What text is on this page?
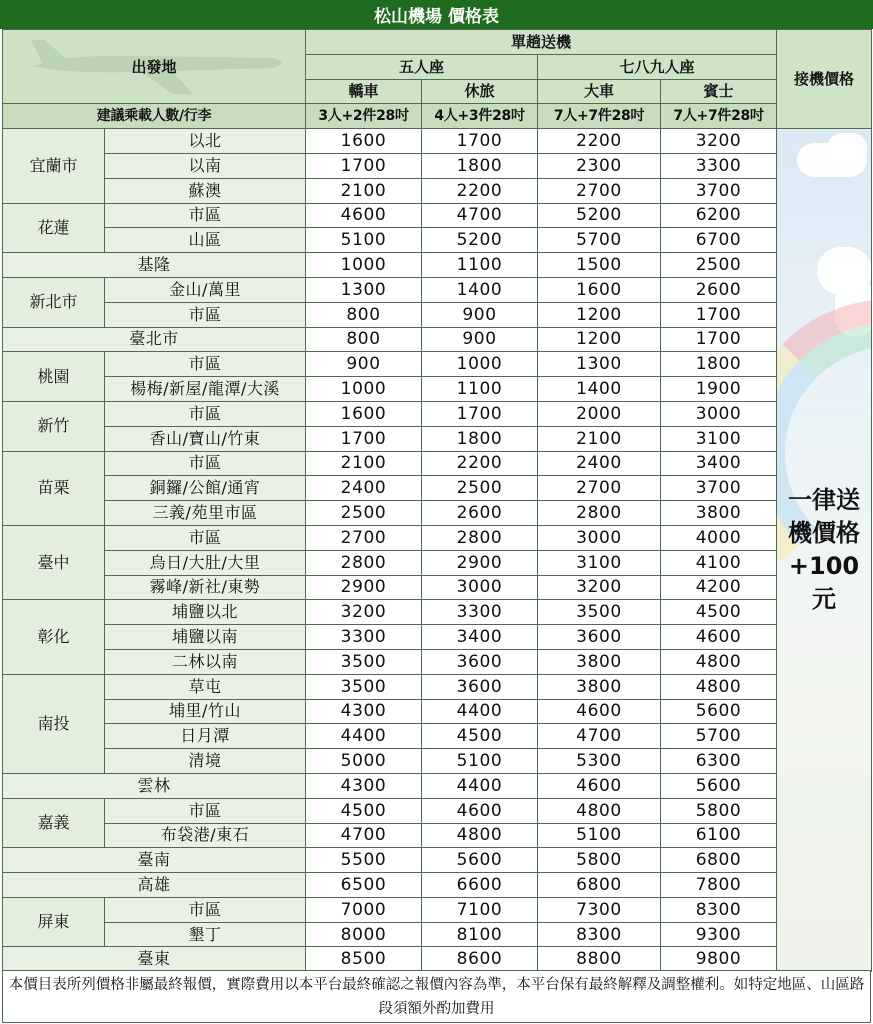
松山機場 價格表
出發地		單趟送機				接機價格
		五人座		七八九人座		
		轎車	休旅	大車	賓士	
建議乘載人數/行李		3人+2件28吋	4人+3件28吋	7人+7件28吋	7人+7件28吋	
宜蘭市	以北	1600	1700	2200	3200	一律送機價格+100元

	以南	1700	1800	2300	3300	
	蘇澳	2100	2200	2700	3700	
花蓮	市區	4600	4700	5200	6200	
	山區	5100	5200	5700	6700	
基隆		1000	1100	1500	2500	
新北市	金山/萬里	1300	1400	1600	2600	
	市區	800	900	1200	1700	
臺北市		800	900	1200	1700	
桃園	市區	900	1000	1300	1800	
	楊梅/新屋/龍潭/大溪	1000	1100	1400	1900	
新竹	市區	1600	1700	2000	3000	
	香山/寶山/竹東	1700	1800	2100	3100	
苗栗	市區	2100	2200	2400	3400	
	銅鑼/公館/通宵	2400	2500	2700	3700	
	三義/苑里市區	2500	2600	2800	3800	
臺中	市區	2700	2800	3000	4000	
	烏日/大肚/大里	2800	2900	3100	4100	
	霧峰/新社/東勢	2900	3000	3200	4200	
彰化	埔鹽以北	3200	3300	3500	4500	
	埔鹽以南	3300	3400	3600	4600	
	二林以南	3500	3600	3800	4800	
南投	草屯	3500	3600	3800	4800	
	埔里/竹山	4300	4400	4600	5600	
	日月潭	4400	4500	4700	5700	
	清境	5000	5100	5300	6300	
雲林		4300	4400	4600	5600	
嘉義	市區	4500	4600	4800	5800	
	布袋港/東石	4700	4800	5100	6100	
臺南		5500	5600	5800	6800	
高雄		6500	6600	6800	7800	
屏東	市區	7000	7100	7300	8300	
	墾丁	8000	8100	8300	9300	
臺東		8500	8600	8800	9800	
本價目表所列價格非屬最終報價，實際費用以本平台最終確認之報價內容為準，本平台保有最終解釋及調整權利。如特定地區、山區路段須額外酌加費用
